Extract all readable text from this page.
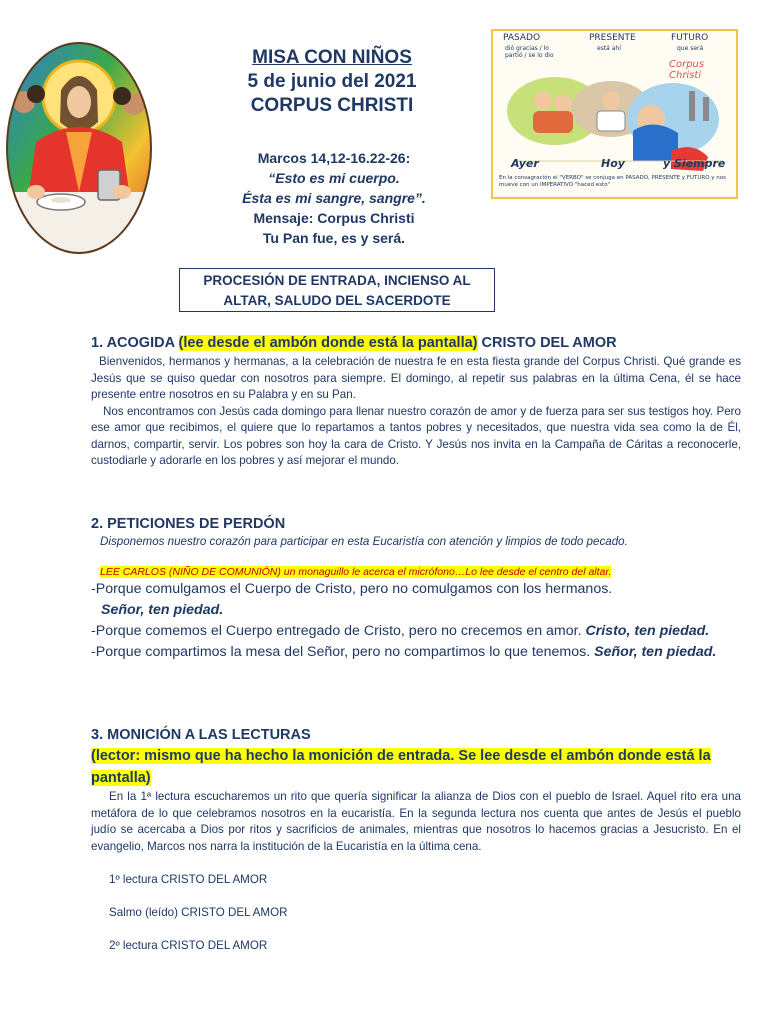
MISA CON NIÑOS
5 de junio del 2021
CORPUS CHRISTI
Marcos 14,12-16.22-26:
“Esto es mi cuerpo.
Ésta es mi sangre, sangre”.
Mensaje: Corpus Christi
Tu Pan fue, es y será.
PASADO	PRESENTE	FUTURO
dió gracias / lo partió / se lo dio
está ahí	que será
Corpus Christi
Ayer	Hoy	y Siempre
En la consagración el "VERBO" se conjuga en PASADO, PRESENTE y FUTURO y nos mueve con un IMPERATIVO "haced esto"
PROCESIÓN DE ENTRADA, INCIENSO AL
ALTAR, SALUDO DEL SACERDOTE
1. ACOGIDA (lee desde el ambón donde está la pantalla) CRISTO DEL AMOR
Bienvenidos, hermanos y hermanas, a la celebración de nuestra fe en esta fiesta grande del Corpus Christi. Qué grande es Jesús que se quiso quedar con nosotros para siempre. El domingo, al repetir sus palabras en la última Cena, él se hace presente entre nosotros en su Palabra y en su Pan.
Nos encontramos con Jesús cada domingo para llenar nuestro corazón de amor y de fuerza para ser sus testigos hoy. Pero ese amor que recibimos, el quiere que lo repartamos a tantos pobres y necesitados, que nuestra vida sea como la de Él, darnos, compartir, servir. Los pobres son hoy la cara de Cristo. Y Jesús nos invita en la Campaña de Cáritas a reconocerle, custodiarle y adorarle en los pobres y así mejorar el mundo.
2. PETICIONES DE PERDÓN
Disponemos nuestro corazón para participar en esta Eucaristía con atención y limpios de todo pecado.
LEE CARLOS (NIÑO DE COMUNIÓN) un monaguillo le acerca el micrófono…Lo lee desde el centro del altar.
-Porque comulgamos el Cuerpo de Cristo, pero no comulgamos con los hermanos.
Señor, ten piedad.
-Porque comemos el Cuerpo entregado de Cristo, pero no crecemos en amor. Cristo, ten piedad.
-Porque compartimos la mesa del Señor, pero no compartimos lo que tenemos. Señor, ten piedad.
3. MONICIÓN A LAS LECTURAS
(lector: mismo que ha hecho la monición de entrada. Se lee desde el ambón donde está la pantalla)
En la 1ª lectura escucharemos un rito que quería significar la alianza de Dios con el pueblo de Israel. Aquel rito era una metáfora de lo que celebramos nosotros en la eucaristía. En la segunda lectura nos cuenta que antes de Jesús el pueblo judío se acercaba a Dios por ritos y sacrificios de animales, mientras que nosotros lo hacemos gracias a Jesucristo. En el evangelio, Marcos nos narra la institución de la Eucaristía en la última cena.
1º lectura CRISTO DEL AMOR
Salmo (leído) CRISTO DEL AMOR
2º lectura CRISTO DEL AMOR
